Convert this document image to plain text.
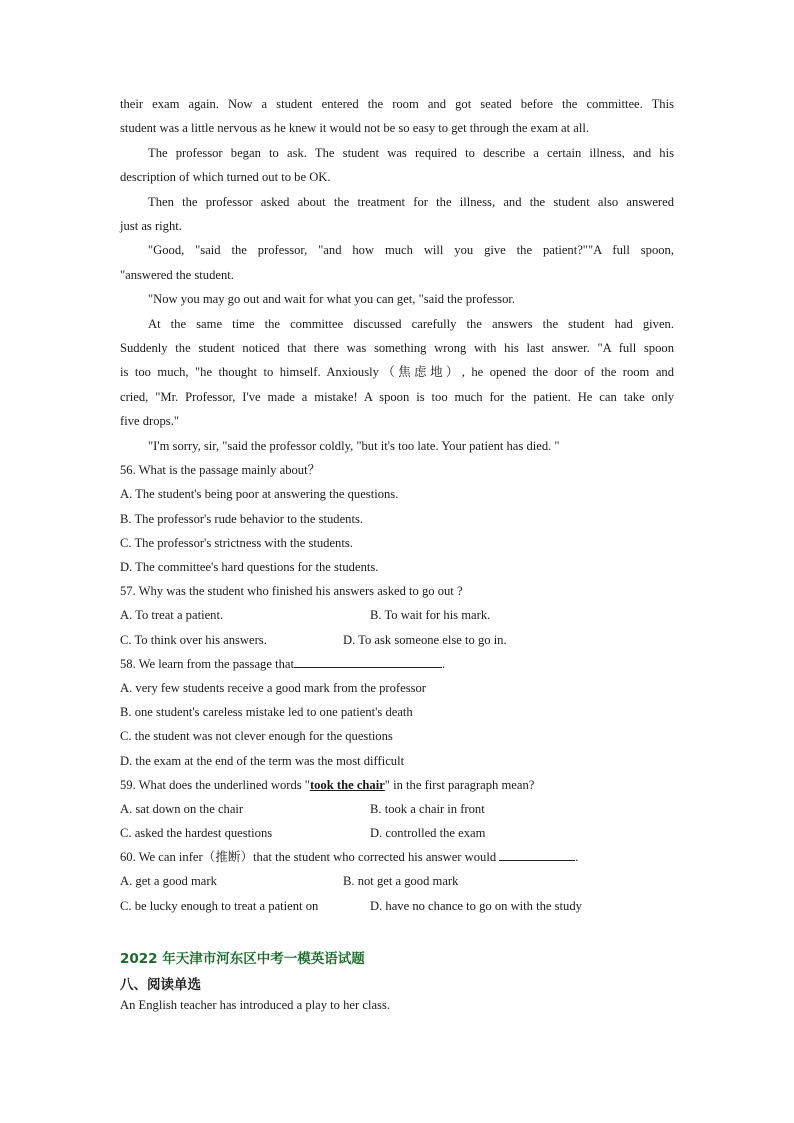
their exam again. Now a student entered the room and got seated before the committee. This
student was a little nervous as he knew it would not be so easy to get through the exam at all.
The professor began to ask. The student was required to describe a certain illness, and his
description of which turned out to be OK.
Then the professor asked about the treatment for the illness, and the student also answered
just as right.
"Good, "said the professor, "and how much will you give the patient?""A full spoon,
"answered the student.
"Now you may go out and wait for what you can get, "said the professor.
At the same time the committee discussed carefully the answers the student had given.
Suddenly the student noticed that there was something wrong with his last answer. "A full spoon
is too much, "he thought to himself. Anxiously（焦虑地）, he opened the door of the room and
cried, "Mr. Professor, I've made a mistake! A spoon is too much for the patient. He can take only
five drops."
"I'm sorry, sir, "said the professor coldly, "but it's too late. Your patient has died. "
56. What is the passage mainly about？
A. The student's being poor at answering the questions.
B. The professor's rude behavior to the students.
C. The professor's strictness with the students.
D. The committee's hard questions for the students.
57. Why was the student who finished his answers asked to go out ?
A. To treat a patient.	B. To wait for his mark.
C. To think over his answers.	D. To ask someone else to go in.
58. We learn from the passage that	.
A. very few students receive a good mark from the professor
B. one student's careless mistake led to one patient's death
C. the student was not clever enough for the questions
D. the exam at the end of the term was the most difficult
59. What does the underlined words "took the chair" in the first paragraph mean?
A. sat down on the chair	B. took a chair in front
C. asked the hardest questions	D. controlled the exam
60. We can infer（推断）that the student who corrected his answer would	.
A. get a good mark	B. not get a good mark
C. be lucky enough to treat a patient on	D. have no chance to go on with the study
2022 年天津市河东区中考一模英语试题
八、阅读单选
An English teacher has introduced a play to her class.
